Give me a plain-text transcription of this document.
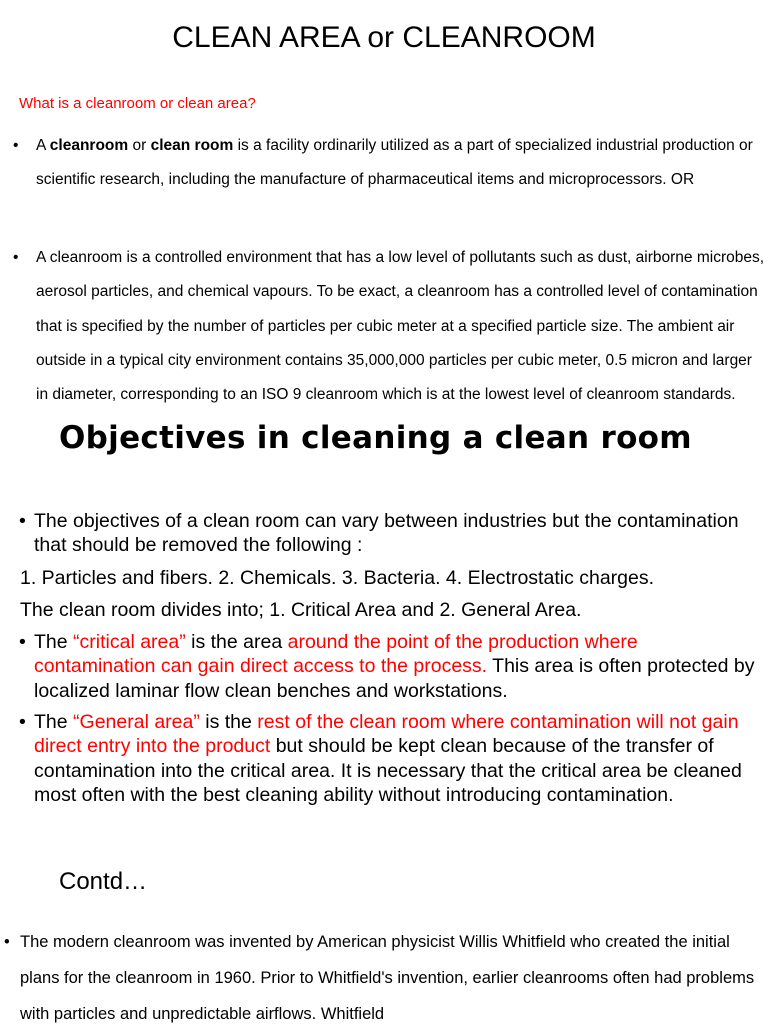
CLEAN AREA or CLEANROOM
What is a cleanroom or clean area?
• A cleanroom or clean room is a facility ordinarily utilized as a part of specialized industrial production or scientific research, including the manufacture of pharmaceutical items and microprocessors. OR

• A cleanroom is a controlled environment that has a low level of pollutants such as dust, airborne microbes, aerosol particles, and chemical vapours. To be exact, a cleanroom has a controlled level of contamination that is specified by the number of particles per cubic meter at a specified particle size. The ambient air outside in a typical city environment contains 35,000,000 particles per cubic meter, 0.5 micron and larger in diameter, corresponding to an ISO 9 cleanroom which is at the lowest level of cleanroom standards.

Objectives in cleaning a clean room
• The objectives of a clean room can vary between industries but the contamination that should be removed the following :

1. Particles and fibers. 2. Chemicals. 3. Bacteria. 4. Electrostatic charges.

The clean room divides into; 1. Critical Area and 2. General Area.

• The “critical area” is the area around the point of the production where contamination can gain direct access to the process. This area is often protected by localized laminar flow clean benches and workstations.

• The “General area” is the rest of the clean room where contamination will not gain direct entry into the product but should be kept clean because of the transfer of contamination into the critical area. It is necessary that the critical area be cleaned most often with the best cleaning ability without introducing contamination.

Contd…
• The modern cleanroom was invented by American physicist Willis Whitfield who created the initial plans for the cleanroom in 1960. Prior to Whitfield's invention, earlier cleanrooms often had problems with particles and unpredictable airflows. Whitfield
